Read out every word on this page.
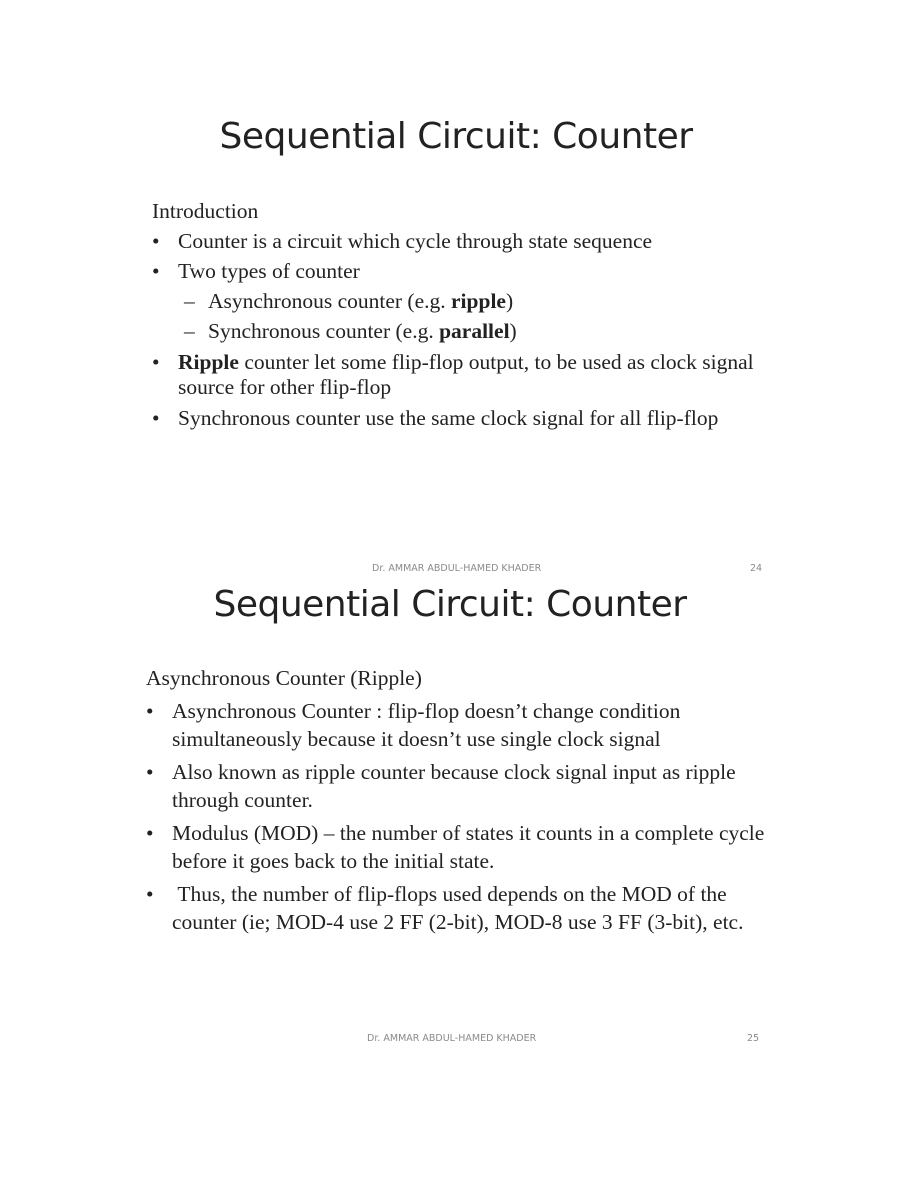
Sequential Circuit: Counter
Introduction
• Counter is a circuit which cycle through state sequence
• Two types of counter
– Asynchronous counter (e.g. ripple)
– Synchronous counter (e.g. parallel)
• Ripple counter let some flip-flop output, to be used as clock signal source for other flip-flop
• Synchronous counter use the same clock signal for all flip-flop
Dr. AMMAR ABDUL-HAMED KHADER	24
Sequential Circuit: Counter
Asynchronous Counter (Ripple)
• Asynchronous Counter : flip-flop doesn’t change condition simultaneously because it doesn’t use single clock signal
• Also known as ripple counter because clock signal input as ripple through counter.
• Modulus (MOD) – the number of states it counts in a complete cycle before it goes back to the initial state.
•  Thus, the number of flip-flops used depends on the MOD of the counter (ie; MOD-4 use 2 FF (2-bit), MOD-8 use 3 FF (3-bit), etc.
Dr. AMMAR ABDUL-HAMED KHADER	25
